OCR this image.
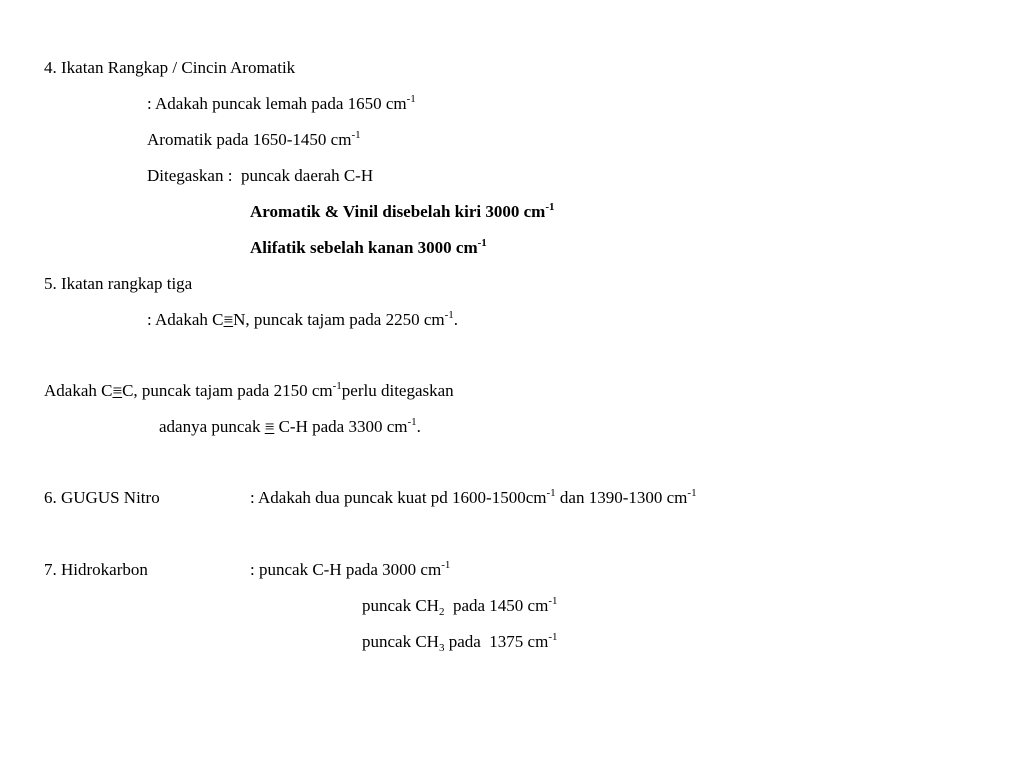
4. Ikatan Rangkap / Cincin Aromatik
: Adakah puncak lemah pada 1650 $cm^{-1}$
Aromatik pada 1650-1450 $cm^{-1}$
Ditegaskan :  puncak daerah C-H
Aromatik & Vinil disebelah kiri 3000 $cm^{-1}$
Alifatik sebelah kanan 3000 $cm^{-1}$
5. Ikatan rangkap tiga
: Adakah C≡N, puncak tajam pada 2250 $cm^{-1}$.
Adakah C≡C, puncak tajam pada 2150 $cm^{-1}perlu$ ditegaskan
adanya puncak ≡ C-H pada 3300 $cm^{-1}$.
6. GUGUS Nitro	: Adakah dua puncak kuat pd $1600-1500cm^{-1}$ dan 1390-1300 $cm^{-1}$
7. Hidrokarbon	: puncak C-H pada 3000 $cm^{-1}$
puncak $CH_2$  pada 1450 $cm^{-1}$
puncak $CH_3$ pada  1375 $cm^{-1}$
